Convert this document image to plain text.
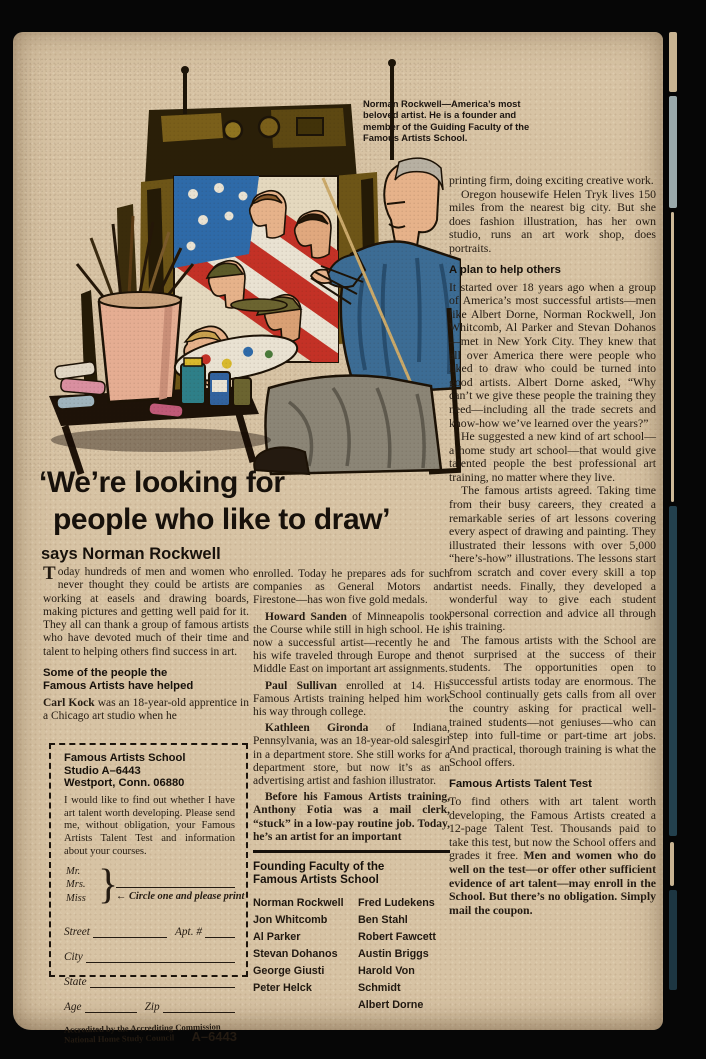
Norman Rockwell—America’s most beloved artist. He is a founder and member of the Guiding Faculty of the Famous Artists School.
‘We’re looking for
people who like to draw’
says Norman Rockwell

Today hundreds of men and women who never thought they could be artists are working at easels and drawing boards, making pictures and getting well paid for it. They all can thank a group of famous artists who have devoted much of their time and talent to helping others find success in art.

Some of the people the
Famous Artists have helped

Carl Kock was an 18-year-old apprentice in a Chicago art studio when he

Famous Artists School
Studio A–6443
Westport, Conn. 06880
I would like to find out whether I have art talent worth developing. Please send me, without obligation, your Famous Artists Talent Test and information about your courses.
Mr.
Mrs.
Miss }
← Circle one and please print
Street	Apt. #
City
State
Age	Zip
Accredited by the Accrediting Commission
National Home Study Council	A–6443

enrolled. Today he prepares ads for such companies as General Motors and Firestone—has won five gold medals.

Howard Sanden of Minneapolis took the Course while still in high school. He is now a successful artist—recently he and his wife traveled through Europe and the Middle East on important art assignments.

Paul Sullivan enrolled at 14. His Famous Artists training helped him work his way through college.

Kathleen Gironda of Indiana, Pennsylvania, was an 18-year-old salesgirl in a department store. She still works for a department store, but now it’s as an advertising artist and fashion illustrator.

Before his Famous Artists training, Anthony Fotia was a mail clerk, “stuck” in a low-pay routine job. Today, he’s an artist for an important

Founding Faculty of the
Famous Artists School
Norman Rockwell
Jon Whitcomb
Al Parker
Stevan Dohanos
George Giusti
Peter Helck
Fred Ludekens
Ben Stahl
Robert Fawcett
Austin Briggs
Harold Von Schmidt
Albert Dorne

printing firm, doing exciting creative work.

Oregon housewife Helen Tryk lives 150 miles from the nearest big city. But she does fashion illustration, has her own studio, runs an art work shop, does portraits.

A plan to help others

It started over 18 years ago when a group of America’s most successful artists—men like Albert Dorne, Norman Rockwell, Jon Whitcomb, Al Parker and Stevan Dohanos—met in New York City. They knew that all over America there were people who liked to draw who could be turned into good artists. Albert Dorne asked, “Why can’t we give these people the training they need—including all the trade secrets and know-how we’ve learned over the years?”

He suggested a new kind of art school—a home study art school—that would give talented people the best professional art training, no matter where they live.

The famous artists agreed. Taking time from their busy careers, they created a remarkable series of art lessons covering every aspect of drawing and painting. They illustrated their lessons with over 5,000 “here’s-how” illustrations. The lessons start from scratch and cover every skill a top artist needs. Finally, they developed a wonderful way to give each student personal correction and advice all through his training.

The famous artists with the School are not surprised at the success of their students. The opportunities open to successful artists today are enormous. The School continually gets calls from all over the country asking for practical well-trained students—not geniuses—who can step into full-time or part-time art jobs. And practical, thorough training is what the School offers.

Famous Artists Talent Test

To find others with art talent worth developing, the Famous Artists created a 12-page Talent Test. Thousands paid to take this test, but now the School offers and grades it free. Men and women who do well on the test—or offer other sufficient evidence of art talent—may enroll in the School. But there’s no obligation. Simply mail the coupon.
